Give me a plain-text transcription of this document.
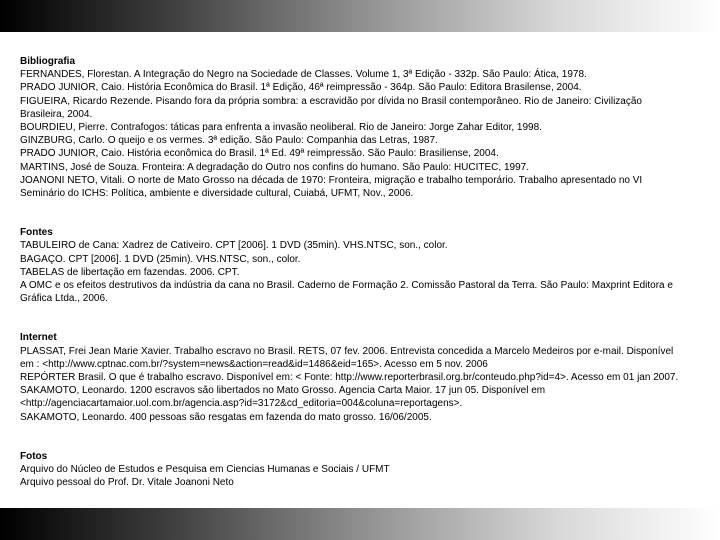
Bibliografia
FERNANDES, Florestan. A Integração do Negro na Sociedade de Classes. Volume 1, 3ª Edição - 332p. São Paulo: Ática, 1978.
PRADO JUNIOR, Caio. História Econômica do Brasil. 1ª Edição, 46ª reimpressão - 364p. São Paulo: Editora Brasilense, 2004.
FIGUEIRA, Ricardo Rezende. Pisando fora da própria sombra: a escravidão por dívida no Brasil contemporâneo. Rio de Janeiro: Civilização Brasileira, 2004.
BOURDIEU, Pierre. Contrafogos: táticas para enfrenta a invasão neoliberal. Rio de Janeiro: Jorge Zahar Editor, 1998.
GINZBURG, Carlo. O queijo e os vermes. 3ª edição. São Paulo: Companhia das Letras, 1987.
PRADO JUNIOR, Caio. História econômica do Brasil. 1ª Ed. 49ª reimpressão. São Paulo: Brasiliense, 2004.
MARTINS, José de Souza. Fronteira: A degradação do Outro nos confins do humano. São Paulo: HUCITEC, 1997.
JOANONI NETO, Vitali. O norte de Mato Grosso na década de 1970: Fronteira, migração e trabalho temporário. Trabalho apresentado no VI Seminário do ICHS: Política, ambiente e diversidade cultural, Cuiabá, UFMT, Nov., 2006.
Fontes
TABULEIRO de Cana: Xadrez de Cativeiro. CPT [2006]. 1 DVD (35min). VHS.NTSC, son., color.
BAGAÇO. CPT [2006]. 1 DVD (25min). VHS.NTSC, son., color.
TABELAS de libertação em fazendas. 2006. CPT.
A OMC e os efeitos destrutivos da indústria da cana no Brasil. Caderno de Formação 2. Comissão Pastoral da Terra. São Paulo: Maxprint Editora e Gráfica Ltda., 2006.
Internet
PLASSAT, Frei Jean Marie Xavier. Trabalho escravo no Brasil. RETS, 07 fev. 2006. Entrevista concedida a Marcelo Medeiros por e-mail. Disponível em : <http://www.cptnac.com.br/?system=news&action=read&id=1486&eid=165>. Acesso em 5 nov. 2006
REPÓRTER Brasil. O que é trabalho escravo. Disponível em: < Fonte: http://www.reporterbrasil.org.br/conteudo.php?id=4>. Acesso em 01 jan 2007.
SAKAMOTO, Leonardo. 1200 escravos são libertados no Mato Grosso. Agencia Carta Maior. 17 jun 05. Disponível em <http://agenciacartamaior.uol.com.br/agencia.asp?id=3172&cd_editoria=004&coluna=reportagens>.
SAKAMOTO, Leonardo. 400 pessoas são resgatas em fazenda do mato grosso. 16/06/2005.
Fotos
Arquivo do Núcleo de Estudos e Pesquisa em Ciencias Humanas e Sociais / UFMT
Arquivo pessoal do Prof. Dr. Vitale Joanoni Neto
